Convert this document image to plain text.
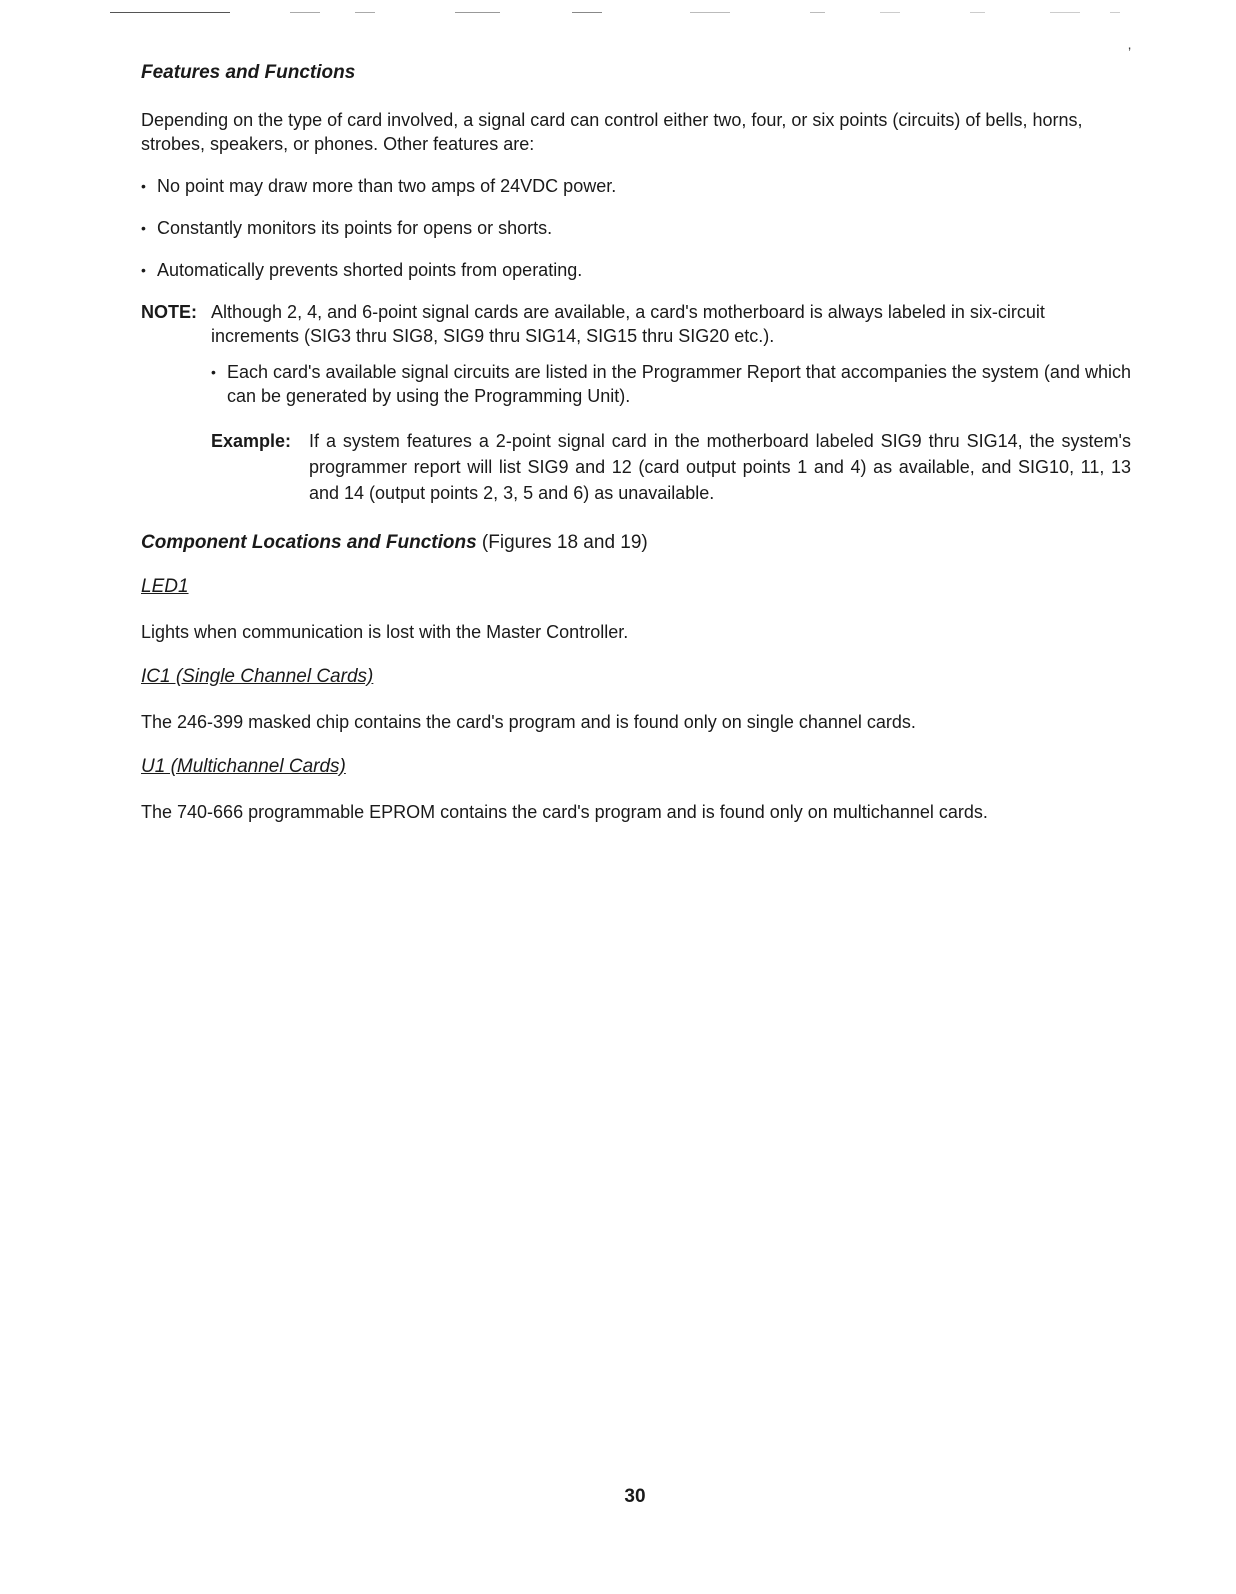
’
Features and Functions

Depending on the type of card involved, a signal card can control either two, four, or six points (circuits) of bells, horns, strobes, speakers, or phones. Other features are:

• No point may draw more than two amps of 24VDC power.
• Constantly monitors its points for opens or shorts.
• Automatically prevents shorted points from operating.
NOTE: Although 2, 4, and 6-point signal cards are available, a card's motherboard is always labeled in six-circuit increments (SIG3 thru SIG8, SIG9 thru SIG14, SIG15 thru SIG20 etc.).
• Each card's available signal circuits are listed in the Programmer Report that accompanies the system (and which can be generated by using the Programming Unit).
Example: If a system features a 2-point signal card in the motherboard labeled SIG9 thru SIG14, the system's programmer report will list SIG9 and 12 (card output points 1 and 4) as available, and SIG10, 11, 13 and 14 (output points 2, 3, 5 and 6) as unavailable.
Component Locations and Functions (Figures 18 and 19)
LED1

Lights when communication is lost with the Master Controller.

IC1 (Single Channel Cards)

The 246-399 masked chip contains the card's program and is found only on single channel cards.

U1 (Multichannel Cards)

The 740-666 programmable EPROM contains the card's program and is found only on multichannel cards.

30
